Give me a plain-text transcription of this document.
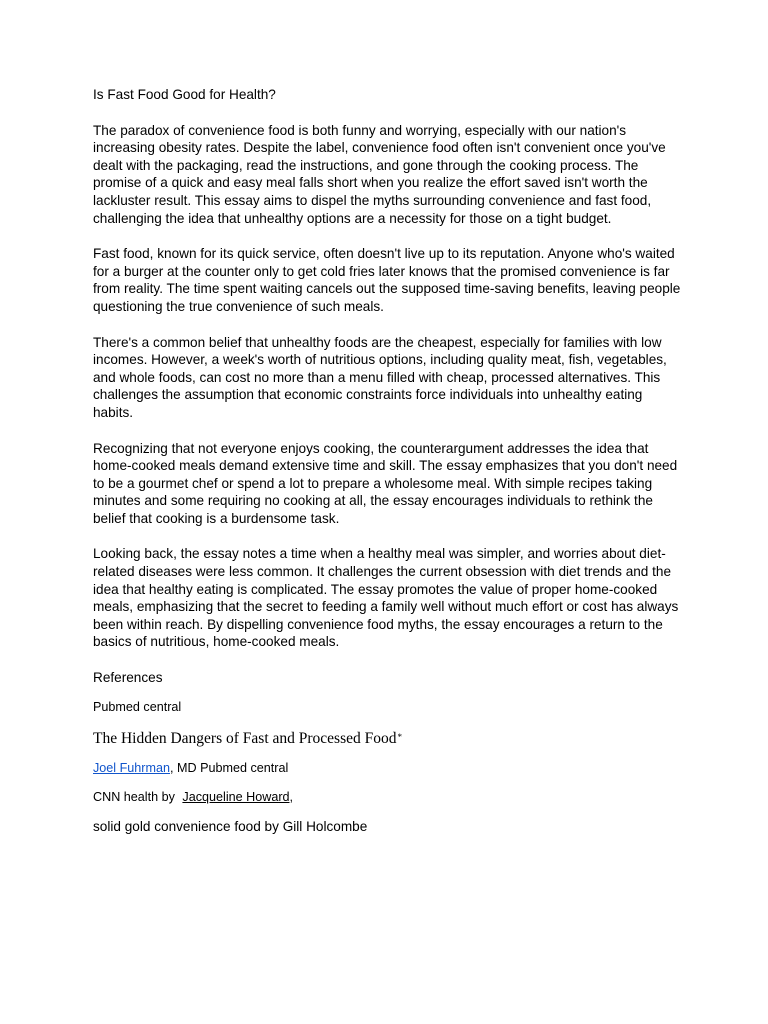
Is Fast Food Good for Health?

The paradox of convenience food is both funny and worrying, especially with our nation's increasing obesity rates. Despite the label, convenience food often isn't convenient once you've dealt with the packaging, read the instructions, and gone through the cooking process. The promise of a quick and easy meal falls short when you realize the effort saved isn't worth the lackluster result. This essay aims to dispel the myths surrounding convenience and fast food, challenging the idea that unhealthy options are a necessity for those on a tight budget.

Fast food, known for its quick service, often doesn't live up to its reputation. Anyone who's waited for a burger at the counter only to get cold fries later knows that the promised convenience is far from reality. The time spent waiting cancels out the supposed time-saving benefits, leaving people questioning the true convenience of such meals.

There's a common belief that unhealthy foods are the cheapest, especially for families with low incomes. However, a week's worth of nutritious options, including quality meat, fish, vegetables, and whole foods, can cost no more than a menu filled with cheap, processed alternatives. This challenges the assumption that economic constraints force individuals into unhealthy eating habits.

Recognizing that not everyone enjoys cooking, the counterargument addresses the idea that home-cooked meals demand extensive time and skill. The essay emphasizes that you don't need to be a gourmet chef or spend a lot to prepare a wholesome meal. With simple recipes taking minutes and some requiring no cooking at all, the essay encourages individuals to rethink the belief that cooking is a burdensome task.

Looking back, the essay notes a time when a healthy meal was simpler, and worries about diet-related diseases were less common. It challenges the current obsession with diet trends and the idea that healthy eating is complicated. The essay promotes the value of proper home-cooked meals, emphasizing that the secret to feeding a family well without much effort or cost has always been within reach. By dispelling convenience food myths, the essay encourages a return to the basics of nutritious, home-cooked meals.

References

Pubmed central

The Hidden Dangers of Fast and Processed Food*

Joel Fuhrman, MD Pubmed central

CNN health by Jacqueline Howard,

solid gold convenience food by Gill Holcombe
